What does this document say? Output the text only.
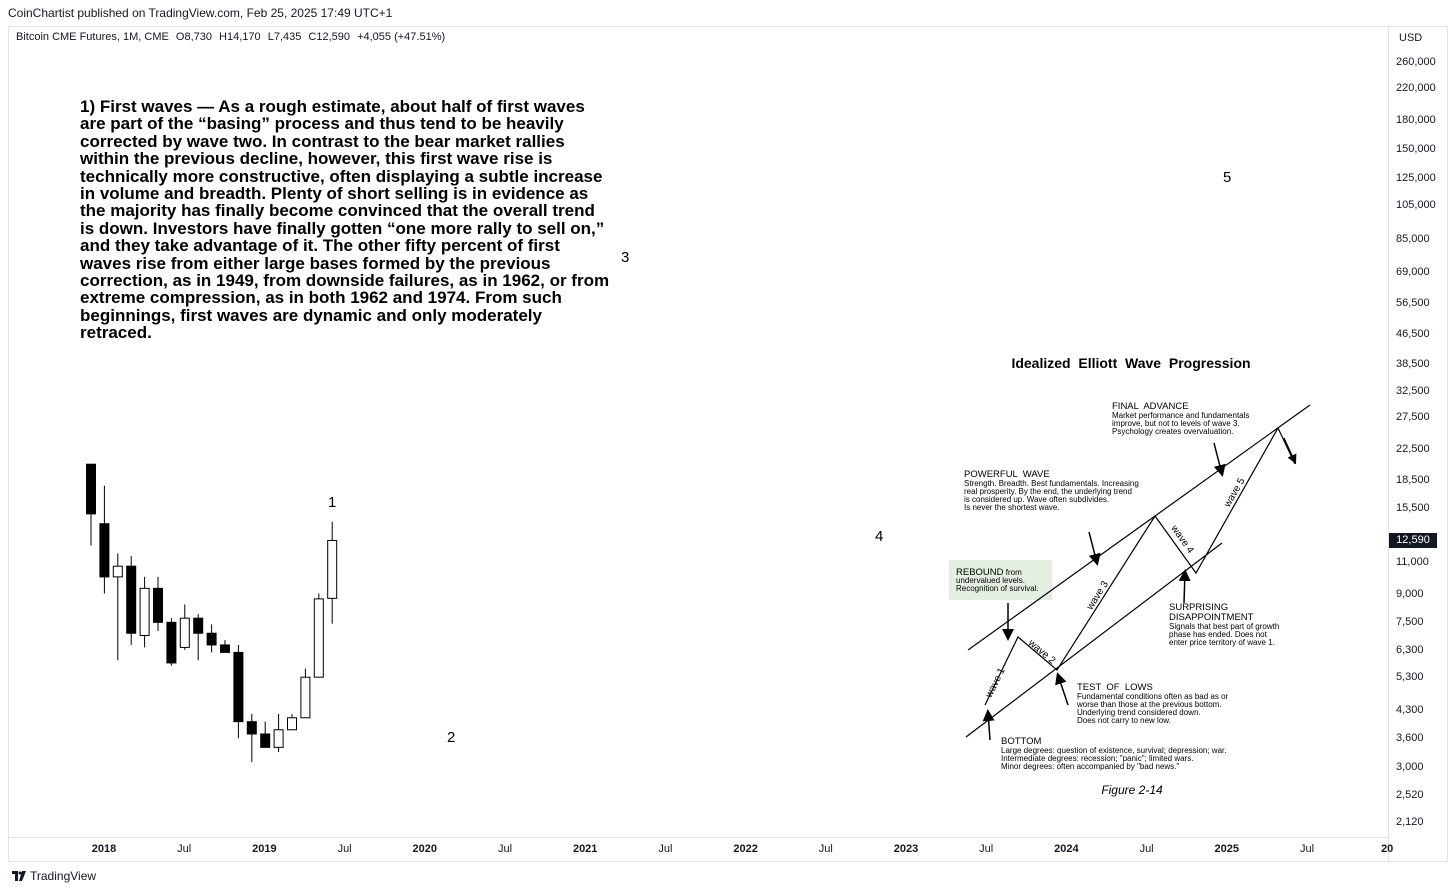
CoinChartist published on TradingView.com, Feb 25, 2025 17:49 UTC+1
Bitcoin CME Futures, 1M, CME O8,730 H14,170 L7,435 C12,590 +4,055 (+47.51%)
1) First waves — As a rough estimate, about half of first waves are part of the “basing” process and thus tend to be heavily corrected by wave two. In contrast to the bear market rallies within the previous decline, however, this first wave rise is technically more constructive, often displaying a subtle increase in volume and breadth. Plenty of short selling is in evidence as the majority has finally become convinced that the overall trend is down. Investors have finally gotten “one more rally to sell on,” and they take advantage of it. The other fifty percent of first waves rise from either large bases formed by the previous correction, as in 1949, from downside failures, as in 1962, or from extreme compression, as in both 1962 and 1974. From such beginnings, first waves are dynamic and only moderately retraced.
USD
260,000
220,000
180,000
150,000
125,000
105,000
85,000
69,000
56,500
46,500
38,500
32,500
27,500
22,500
18,500
15,500
11,000
9,000
7,500
6,300
5,300
4,300
3,600
3,000
2,520
2,120
12,590
2018	Jul	2019	Jul	2020	Jul	2021	Jul	2022	Jul	2023	Jul	2024	Jul	2025	Jul	20
1
2
3
4
5
Idealized  Elliott  Wave  Progression
wave 1
wave 2
wave 3
wave 4
wave 5
FINAL  ADVANCE
Market performance and fundamentals
improve, but not to levels of wave 3.
Psychology creates overvaluation.
POWERFUL  WAVE
Strength. Breadth. Best fundamentals. Increasing
real prosperity. By the end, the underlying trend
is considered up. Wave often subdivides.
Is never the shortest wave.
REBOUND from
undervalued levels.
Recognition of survival.
SURPRISING
DISAPPOINTMENT
Signals that best part of growth
phase has ended. Does not
enter price territory of wave 1.
TEST  OF  LOWS
Fundamental conditions often as bad as or
worse than those at the previous bottom.
Underlying trend considered down.
Does not carry to new low.
BOTTOM
Large degrees: question of existence, survival; depression; war.
Intermediate degrees: recession; "panic"; limited wars.
Minor degrees: often accompanied by "bad news."
Figure 2-14
TradingView
